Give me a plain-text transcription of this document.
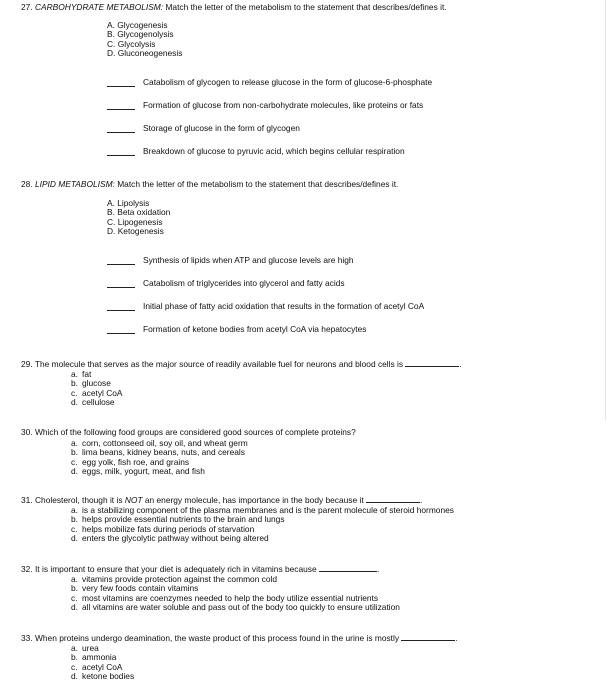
27. CARBOHYDRATE METABOLISM: Match the letter of the metabolism to the statement that describes/defines it.
A. Glycogenesis
B. Glycogenolysis
C. Glycolysis
D. Gluconeogenesis
Catabolism of glycogen to release glucose in the form of glucose-6-phosphate
Formation of glucose from non-carbohydrate molecules, like proteins or fats
Storage of glucose in the form of glycogen
Breakdown of glucose to pyruvic acid, which begins cellular respiration
28. LIPID METABOLISM: Match the letter of the metabolism to the statement that describes/defines it.
A. Lipolysis
B. Beta oxidation
C. Lipogenesis
D. Ketogenesis
Synthesis of lipids when ATP and glucose levels are high
Catabolism of triglycerides into glycerol and fatty acids
Initial phase of fatty acid oxidation that results in the formation of acetyl CoA
Formation of ketone bodies from acetyl CoA via hepatocytes
29. The molecule that serves as the major source of readily available fuel for neurons and blood cells is	.
a. fat
b. glucose
c. acetyl CoA
d. cellulose
30. Which of the following food groups are considered good sources of complete proteins?
a. corn, cottonseed oil, soy oil, and wheat germ
b. lima beans, kidney beans, nuts, and cereals
c. egg yolk, fish roe, and grains
d. eggs, milk, yogurt, meat, and fish
31. Cholesterol, though it is NOT an energy molecule, has importance in the body because it	.
a. is a stabilizing component of the plasma membranes and is the parent molecule of steroid hormones
b. helps provide essential nutrients to the brain and lungs
c. helps mobilize fats during periods of starvation
d. enters the glycolytic pathway without being altered
32. It is important to ensure that your diet is adequately rich in vitamins because	.
a. vitamins provide protection against the common cold
b. very few foods contain vitamins
c. most vitamins are coenzymes needed to help the body utilize essential nutrients
d. all vitamins are water soluble and pass out of the body too quickly to ensure utilization
33. When proteins undergo deamination, the waste product of this process found in the urine is mostly	.
a. urea
b. ammonia
c. acetyl CoA
d. ketone bodies
